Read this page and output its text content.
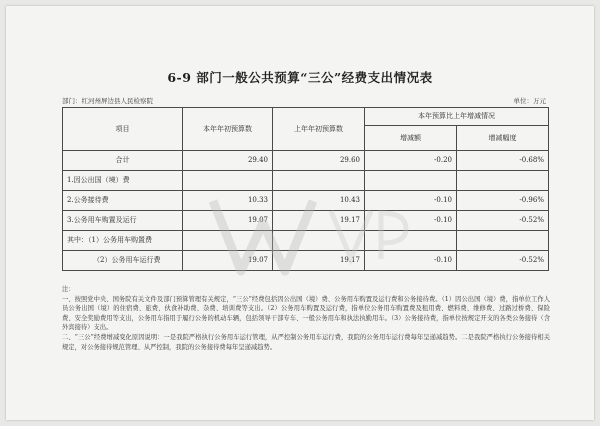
6-9 部门一般公共预算“三公”经费支出情况表
部门：红河州屏边县人民检察院	单位：万元
项目	本年年初预算数	上年年初预算数	本年预算比上年增减情况	
			增减额	增减幅度
合计	29.40	29.60	-0.20	-0.68%
1.因公出国（境）费				
2.公务接待费	10.33	10.43	-0.10	-0.96%
3.公务用车购置及运行	19.07	19.17	-0.10	-0.52%
其中：（1）公务用车购置费				
（2）公务用车运行费	19.07	19.17	-0.10	-0.52%

注：

一、按照党中央、国务院有关文件及部门预算管理有关规定，“三公”经费包括因公出国（境）费、公务用车购置及运行费和公务接待费。（1）因公出国（境）费，指单位工作人员公务出国（境）的住宿费、旅费、伙食补助费、杂费、培训费等支出。（2）公务用车购置及运行费，指单位公务用车购置费及租用费、燃料费、维修费、过路过桥费、保险费、安全奖励费用等支出，公务用车指用于履行公务的机动车辆，包括领导干部专车、一般公务用车和执法执勤用车。（3）公务接待费，指单位按规定开支的各类公务接待（含外宾接待）支出。

二、“三公”经费增减变化原因说明：一是我院严格执行公务用车运行管理，从严控制公务用车运行费，我院的公务用车运行费每年呈递减趋势。二是我院严格执行公务接待相关规定，对公务接待规范管理、从严控制，我院的公务接待费每年呈递减趋势。
